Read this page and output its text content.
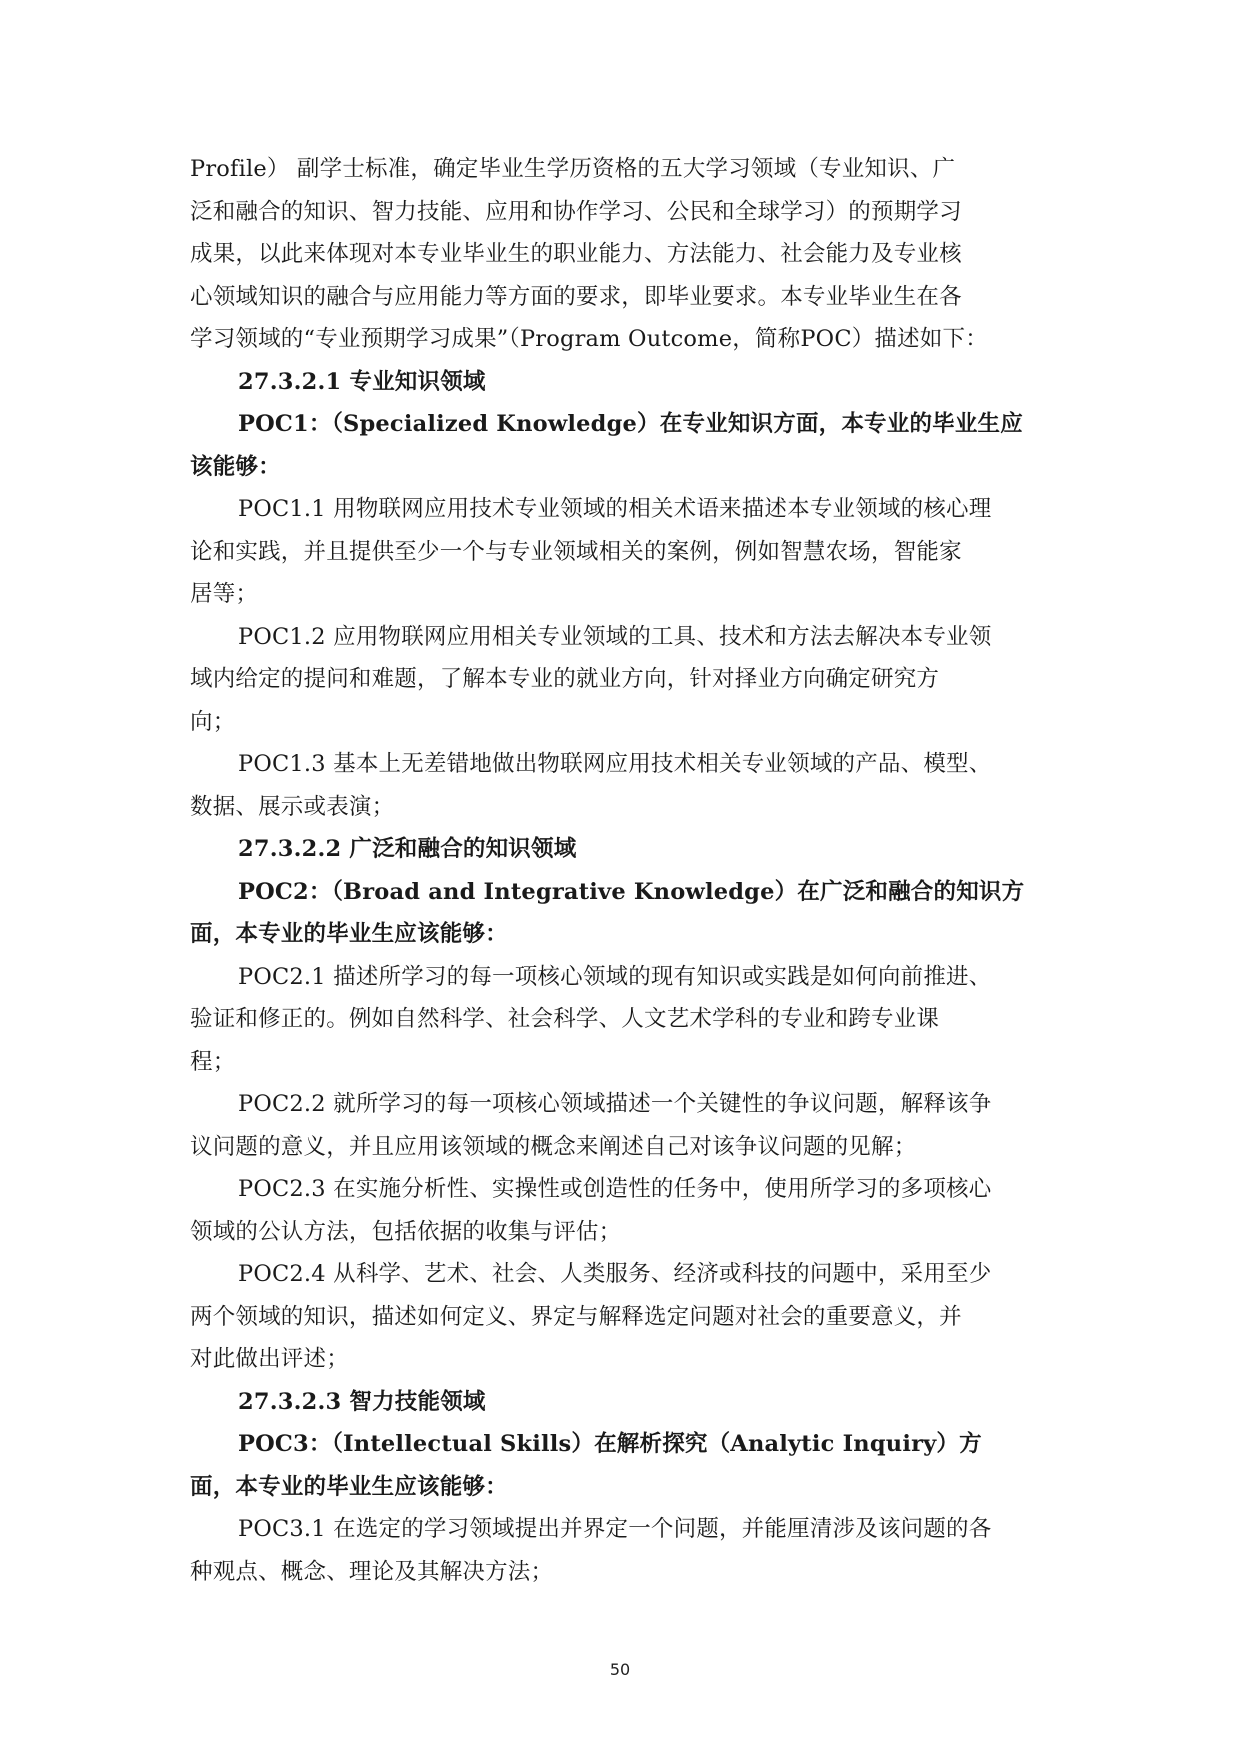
Profile） 副学士标准，确定毕业生学历资格的五大学习领域（专业知识、广

泛和融合的知识、智力技能、应用和协作学习、公民和全球学习）的预期学习

成果，以此来体现对本专业毕业生的职业能力、方法能力、社会能力及专业核

心领域知识的融合与应用能力等方面的要求，即毕业要求。本专业毕业生在各

学习领域的“专业预期学习成果”（Program Outcome，简称POC）描述如下：

27.3.2.1 专业知识领域

POC1：（Specialized Knowledge）在专业知识方面，本专业的毕业生应

该能够：

POC1.1 用物联网应用技术专业领域的相关术语来描述本专业领域的核心理

论和实践，并且提供至少一个与专业领域相关的案例，例如智慧农场，智能家

居等；

POC1.2 应用物联网应用相关专业领域的工具、技术和方法去解决本专业领

域内给定的提问和难题，了解本专业的就业方向，针对择业方向确定研究方

向；

POC1.3 基本上无差错地做出物联网应用技术相关专业领域的产品、模型、

数据、展示或表演；

27.3.2.2 广泛和融合的知识领域

POC2：（Broad and Integrative Knowledge）在广泛和融合的知识方

面，本专业的毕业生应该能够：

POC2.1 描述所学习的每一项核心领域的现有知识或实践是如何向前推进、

验证和修正的。例如自然科学、社会科学、人文艺术学科的专业和跨专业课

程；

POC2.2 就所学习的每一项核心领域描述一个关键性的争议问题，解释该争

议问题的意义，并且应用该领域的概念来阐述自己对该争议问题的见解；

POC2.3 在实施分析性、实操性或创造性的任务中，使用所学习的多项核心

领域的公认方法，包括依据的收集与评估；

POC2.4 从科学、艺术、社会、人类服务、经济或科技的问题中，采用至少

两个领域的知识，描述如何定义、界定与解释选定问题对社会的重要意义，并

对此做出评述；

27.3.2.3 智力技能领域

POC3：（Intellectual Skills）在解析探究（Analytic Inquiry）方

面，本专业的毕业生应该能够：

POC3.1 在选定的学习领域提出并界定一个问题，并能厘清涉及该问题的各

种观点、概念、理论及其解决方法；

50
